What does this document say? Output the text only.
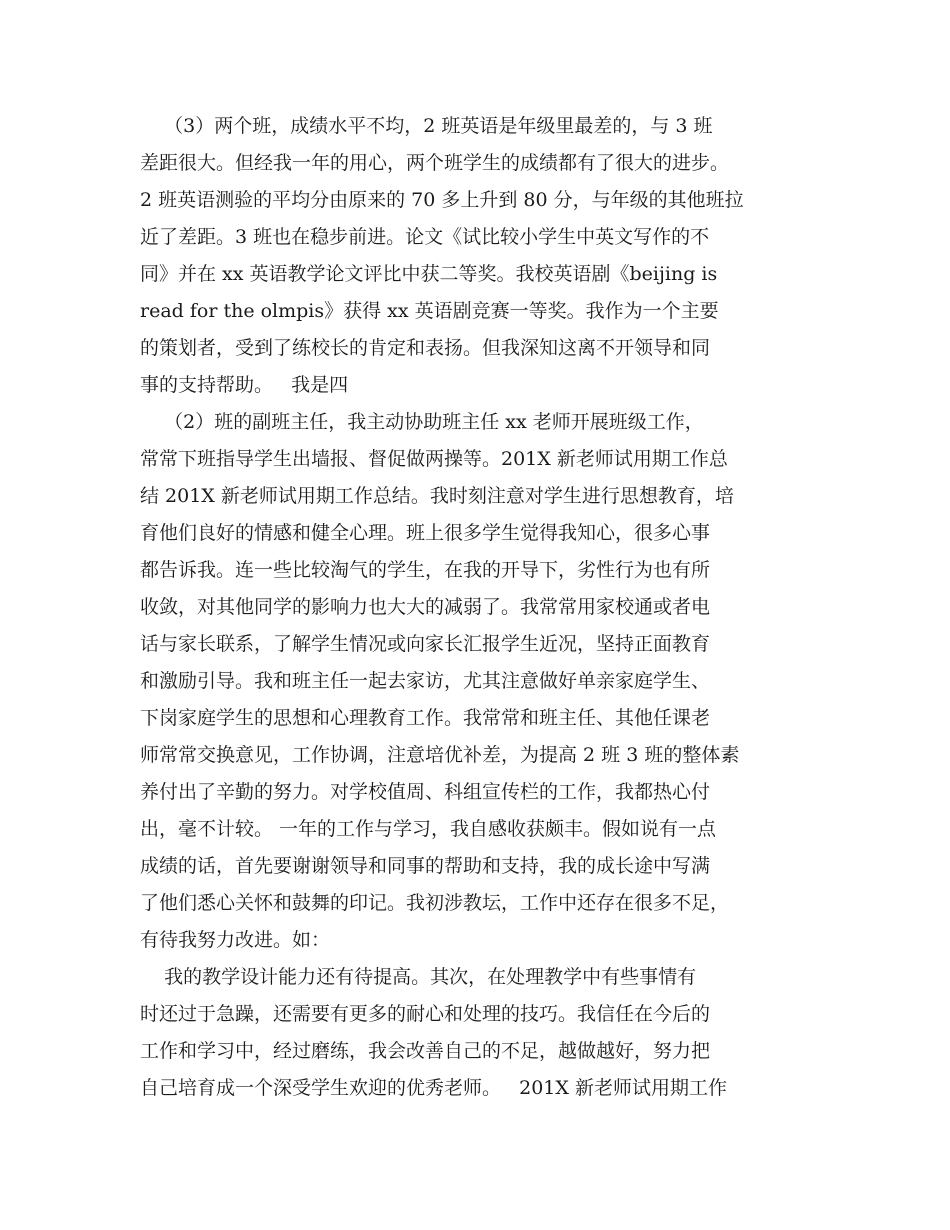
（3）两个班，成绩水平不均，2 班英语是年级里最差的，与 3 班
差距很大。但经我一年的用心，两个班学生的成绩都有了很大的进步。
2 班英语测验的平均分由原来的 70 多上升到 80 分，与年级的其他班拉
近了差距。3 班也在稳步前进。论文《试比较小学生中英文写作的不
同》并在 xx 英语教学论文评比中获二等奖。我校英语剧《beijing is
read for the olmpis》获得 xx 英语剧竞赛一等奖。我作为一个主要
的策划者，受到了练校长的肯定和表扬。但我深知这离不开领导和同
事的支持帮助。   我是四
（2）班的副班主任，我主动协助班主任 xx 老师开展班级工作，
常常下班指导学生出墙报、督促做两操等。201X 新老师试用期工作总
结 201X 新老师试用期工作总结。我时刻注意对学生进行思想教育，培
育他们良好的情感和健全心理。班上很多学生觉得我知心，很多心事
都告诉我。连一些比较淘气的学生，在我的开导下，劣性行为也有所
收敛，对其他同学的影响力也大大的减弱了。我常常用家校通或者电
话与家长联系，了解学生情况或向家长汇报学生近况，坚持正面教育
和激励引导。我和班主任一起去家访，尤其注意做好单亲家庭学生、
下岗家庭学生的思想和心理教育工作。我常常和班主任、其他任课老
师常常交换意见，工作协调，注意培优补差，为提高 2 班 3 班的整体素
养付出了辛勤的努力。对学校值周、科组宣传栏的工作，我都热心付
出，毫不计较。 一年的工作与学习，我自感收获颇丰。假如说有一点
成绩的话，首先要谢谢领导和同事的帮助和支持，我的成长途中写满
了他们悉心关怀和鼓舞的印记。我初涉教坛，工作中还存在很多不足，
有待我努力改进。如：
我的教学设计能力还有待提高。其次，在处理教学中有些事情有
时还过于急躁，还需要有更多的耐心和处理的技巧。我信任在今后的
工作和学习中，经过磨练，我会改善自己的不足，越做越好，努力把
自己培育成一个深受学生欢迎的优秀老师。   201X 新老师试用期工作
